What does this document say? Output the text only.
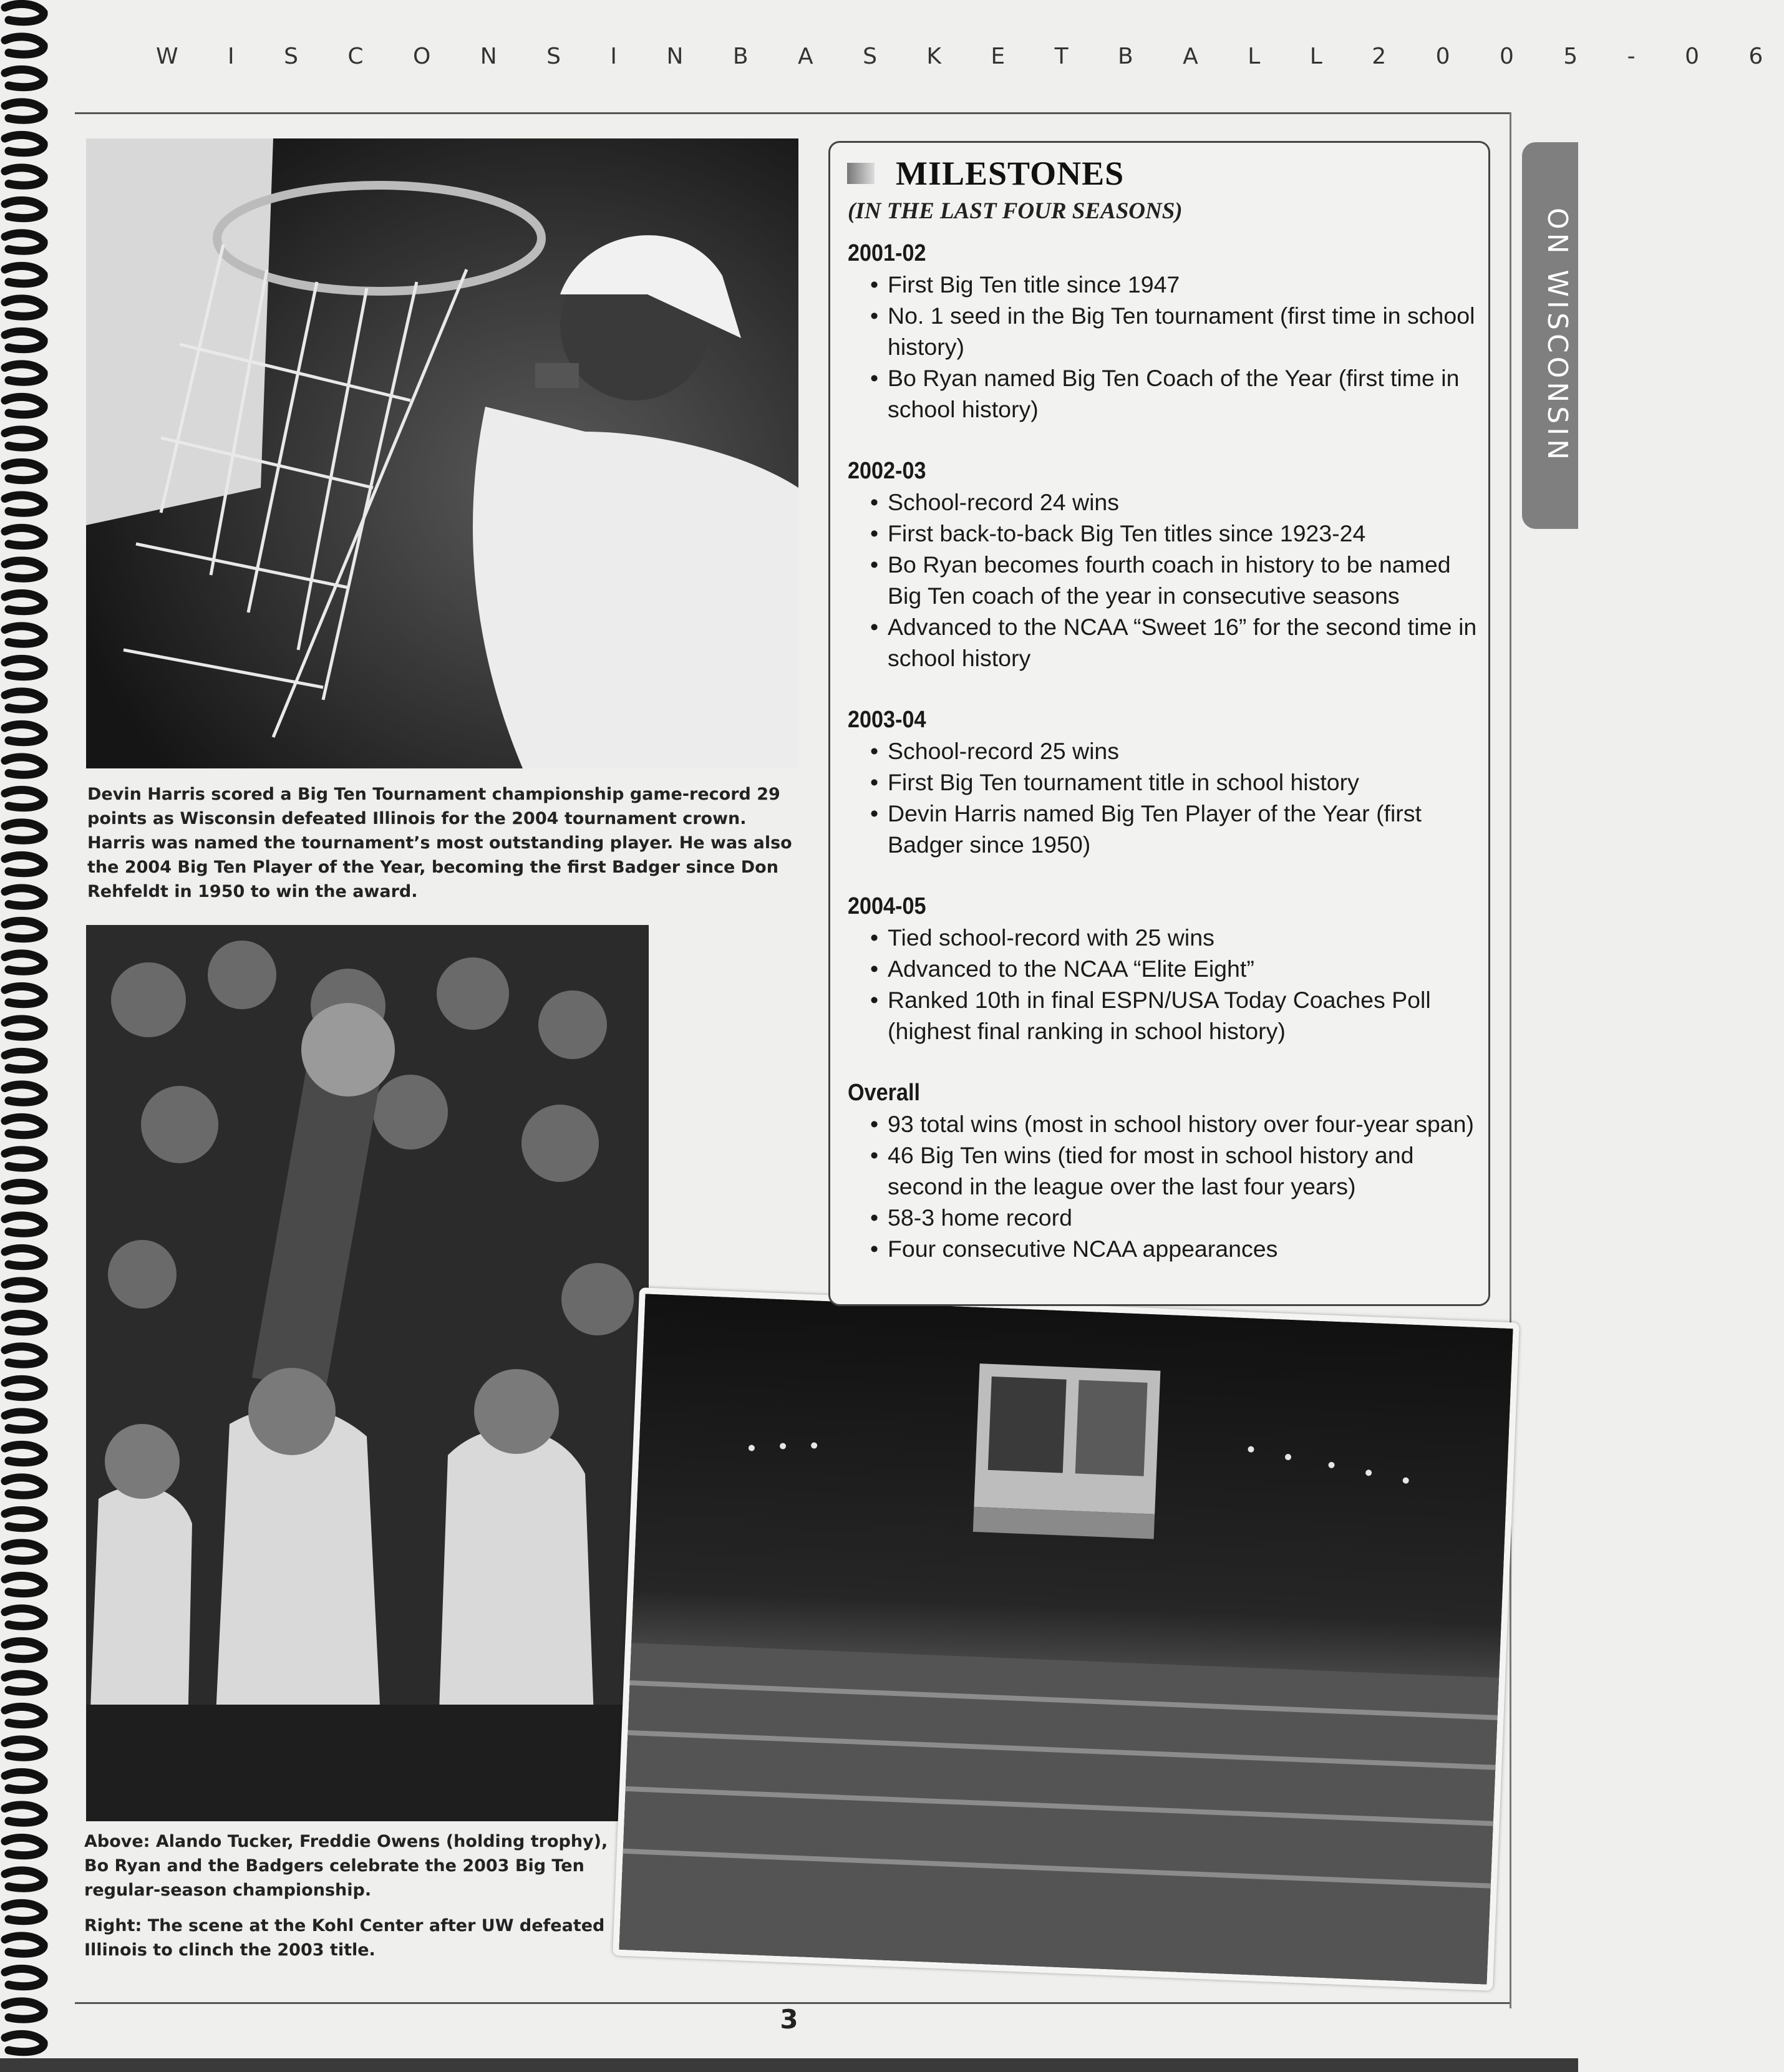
W I S C O N S I N B A S K E T B A L L 2 0 0 5 - 0 6
ON WISCONSIN
Devin Harris scored a Big Ten Tournament championship game-record 29 points as Wisconsin defeated Illinois for the 2004 tournament crown. Harris was named the tournament’s most outstanding player. He was also the 2004 Big Ten Player of the Year, becoming the first Badger since Don Rehfeldt in 1950 to win the award.
Above: Alando Tucker, Freddie Owens (holding trophy), Bo Ryan and the Badgers celebrate the 2003 Big Ten regular-season championship.
Right: The scene at the Kohl Center after UW defeated Illinois to clinch the 2003 title.
MILESTONES
(IN THE LAST FOUR SEASONS)
2001-02
• First Big Ten title since 1947
• No. 1 seed in the Big Ten tournament (first time in school history)
• Bo Ryan named Big Ten Coach of the Year (first time in school history)
2002-03
• School-record 24 wins
• First back-to-back Big Ten titles since 1923-24
• Bo Ryan becomes fourth coach in history to be named Big Ten coach of the year in consecutive seasons
• Advanced to the NCAA “Sweet 16” for the second time in school history
2003-04
• School-record 25 wins
• First Big Ten tournament title in school history
• Devin Harris named Big Ten Player of the Year (first Badger since 1950)
2004-05
• Tied school-record with 25 wins
• Advanced to the NCAA “Elite Eight”
• Ranked 10th in final ESPN/USA Today Coaches Poll (highest final ranking in school history)
Overall
• 93 total wins (most in school history over four-year span)
• 46 Big Ten wins (tied for most in school history and second in the league over the last four years)
• 58-3 home record
• Four consecutive NCAA appearances
3
